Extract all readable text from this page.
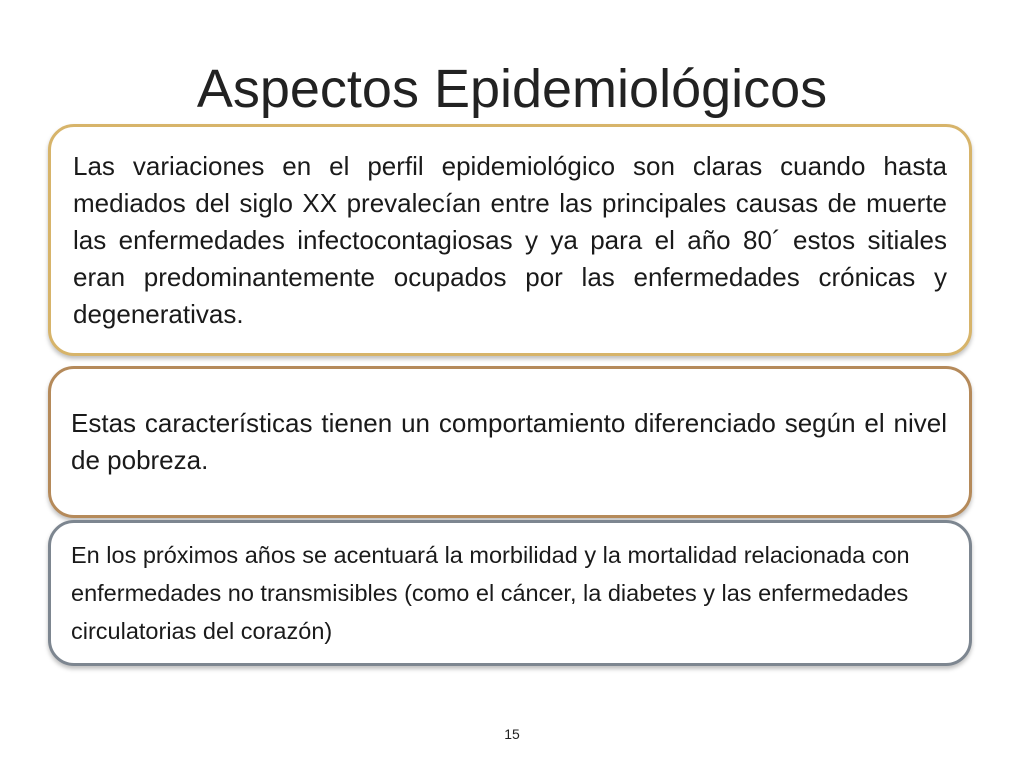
Aspectos Epidemiológicos

Las variaciones en el perfil epidemiológico son claras cuando hasta mediados del siglo XX prevalecían entre las principales causas de muerte las enfermedades infectocontagiosas y ya para el año 80´ estos sitiales eran predominantemente ocupados por las enfermedades crónicas y degenerativas.

Estas características tienen un comportamiento diferenciado según el nivel de pobreza.

En los próximos años se acentuará la morbilidad y la mortalidad relacionada con enfermedades no transmisibles (como el cáncer, la diabetes y las enfermedades circulatorias del corazón)

15
